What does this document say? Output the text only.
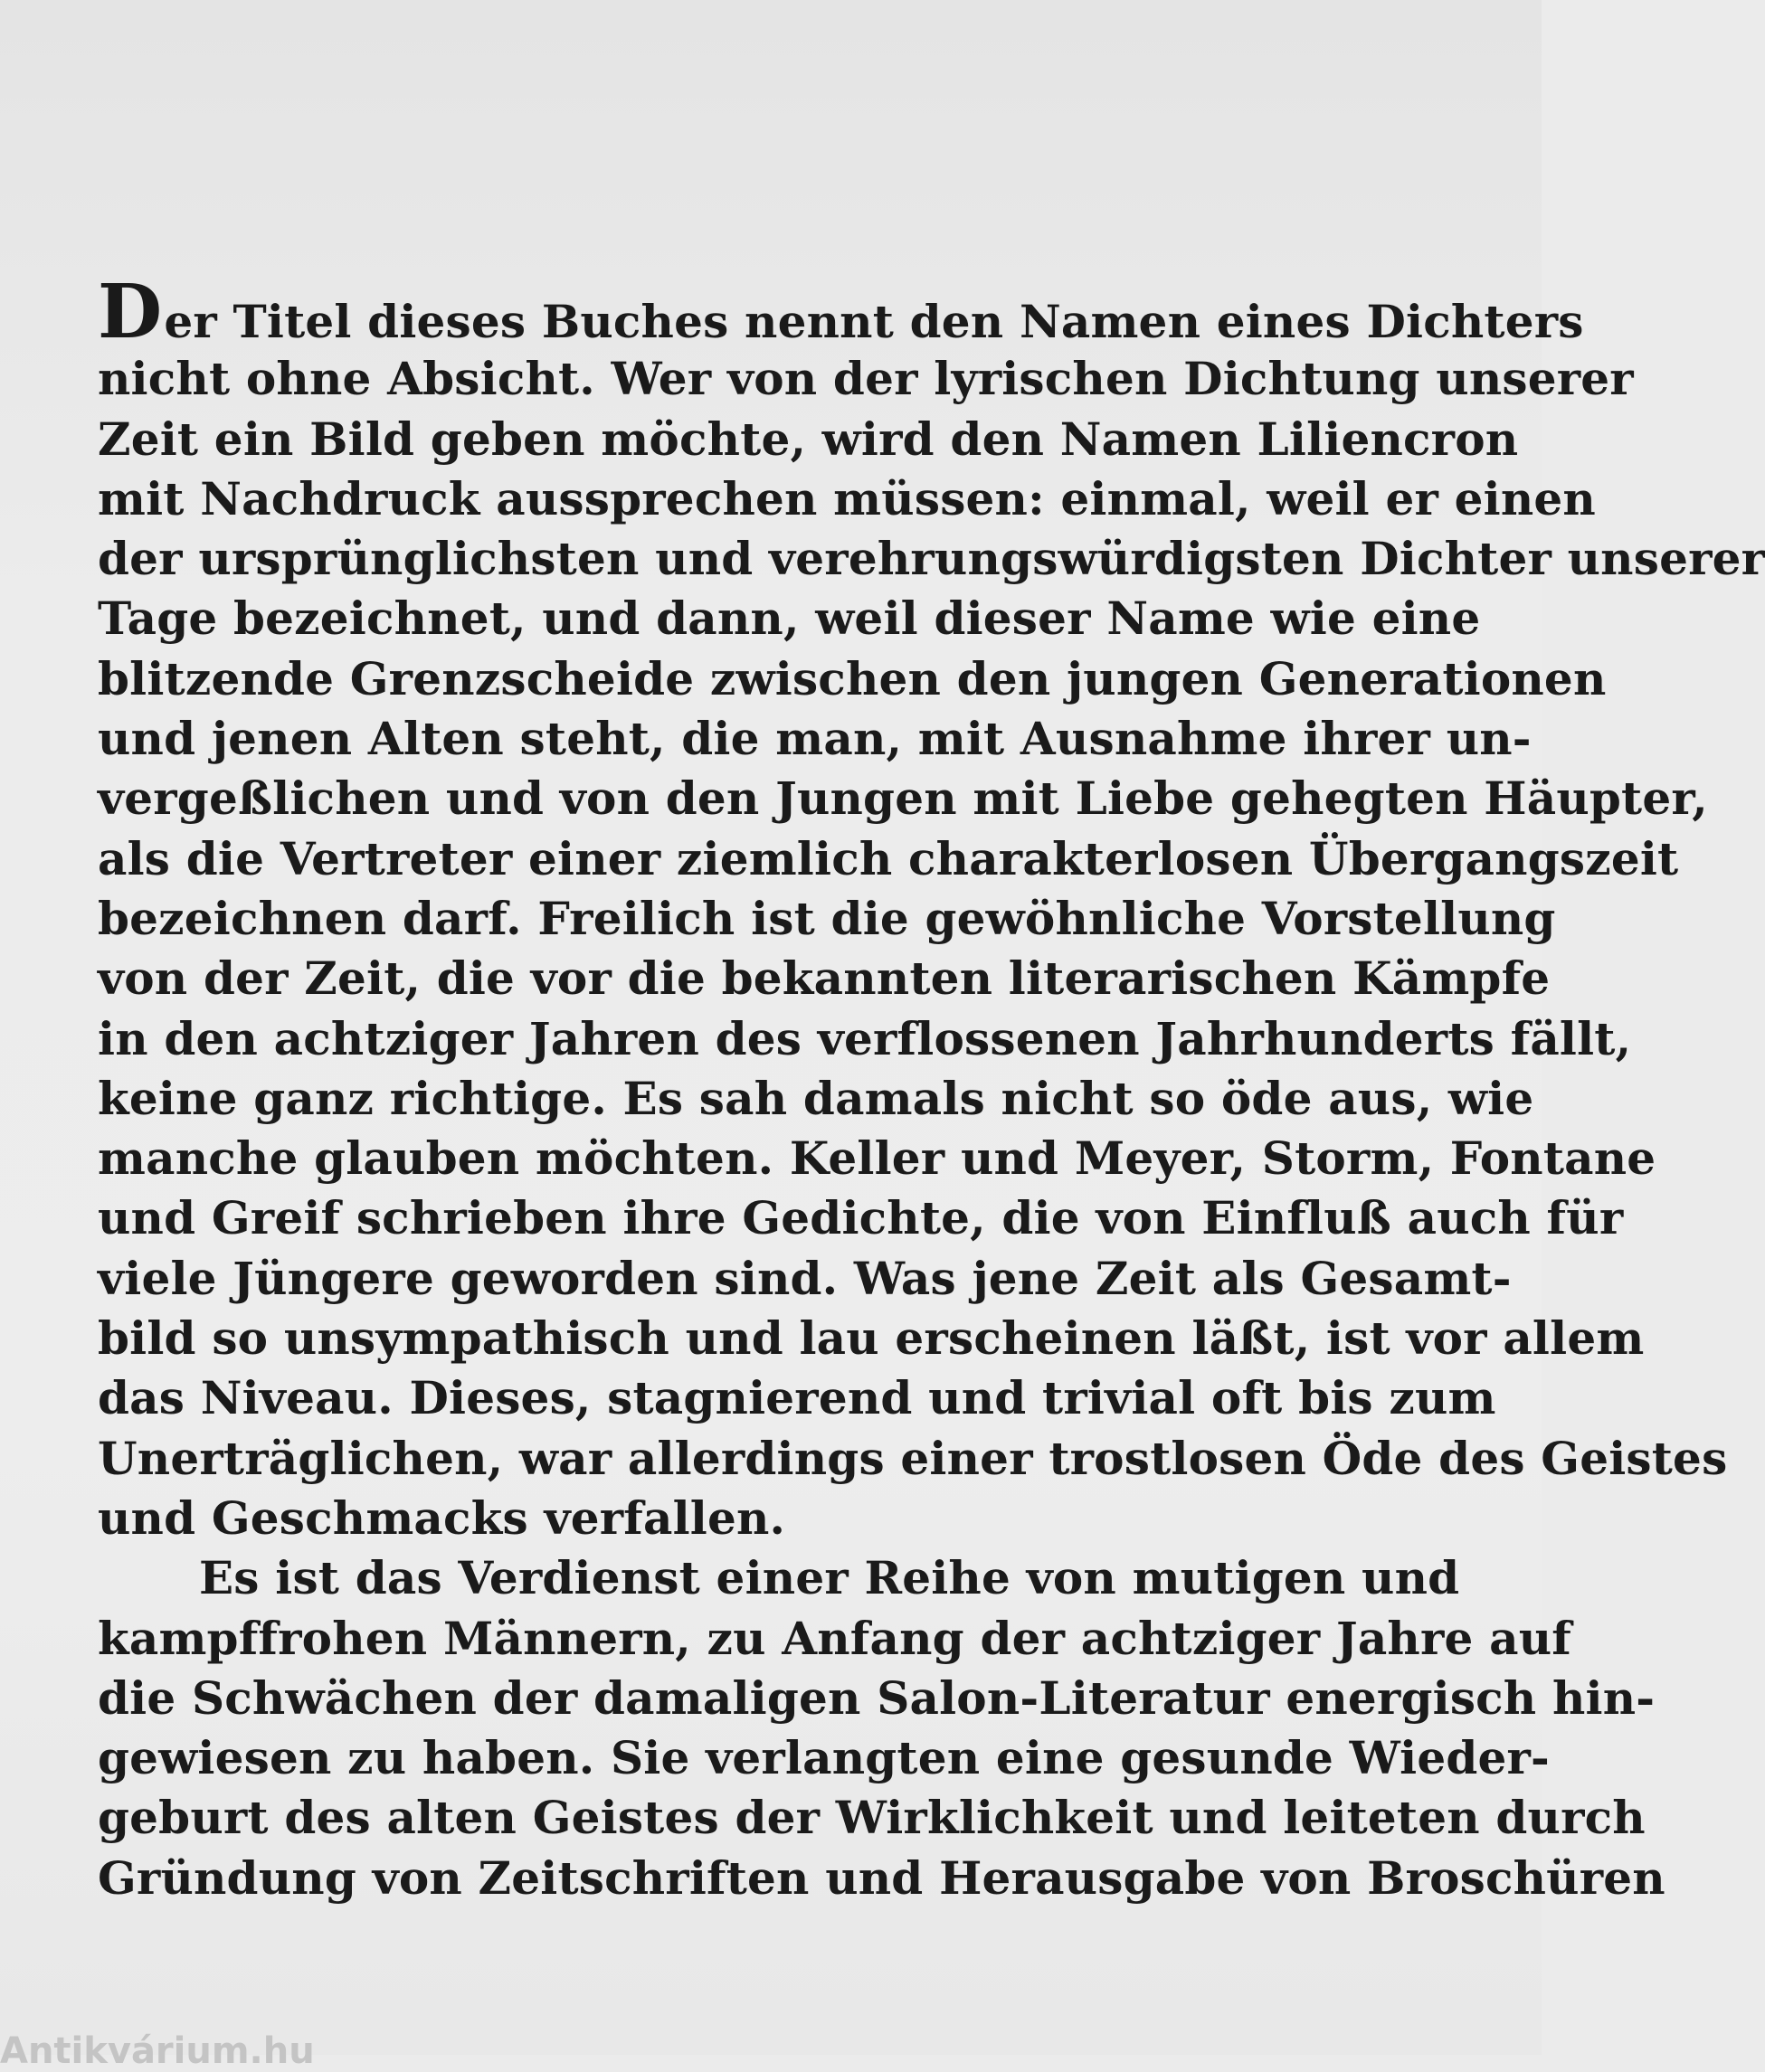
Der Titel dieses Buches nennt den Namen eines Dichters
nicht ohne Absicht. Wer von der lyrischen Dichtung unserer
Zeit ein Bild geben möchte, wird den Namen Liliencron
mit Nachdruck aussprechen müssen: einmal, weil er einen
der ursprünglichsten und verehrungswürdigsten Dichter unserer
Tage bezeichnet, und dann, weil dieser Name wie eine
blitzende Grenzscheide zwischen den jungen Generationen
und jenen Alten steht, die man, mit Ausnahme ihrer un-
vergeßlichen und von den Jungen mit Liebe gehegten Häupter,
als die Vertreter einer ziemlich charakterlosen Übergangszeit
bezeichnen darf. Freilich ist die gewöhnliche Vorstellung
von der Zeit, die vor die bekannten literarischen Kämpfe
in den achtziger Jahren des verflossenen Jahrhunderts fällt,
keine ganz richtige. Es sah damals nicht so öde aus, wie
manche glauben möchten. Keller und Meyer, Storm, Fontane
und Greif schrieben ihre Gedichte, die von Einfluß auch für
viele Jüngere geworden sind. Was jene Zeit als Gesamt-
bild so unsympathisch und lau erscheinen läßt, ist vor allem
das Niveau. Dieses, stagnierend und trivial oft bis zum
Unerträglichen, war allerdings einer trostlosen Öde des Geistes
und Geschmacks verfallen.
Es ist das Verdienst einer Reihe von mutigen und
kampffrohen Männern, zu Anfang der achtziger Jahre auf
die Schwächen der damaligen Salon-Literatur energisch hin-
gewiesen zu haben. Sie verlangten eine gesunde Wieder-
geburt des alten Geistes der Wirklichkeit und leiteten durch
Gründung von Zeitschriften und Herausgabe von Broschüren
Antikvárium.hu
